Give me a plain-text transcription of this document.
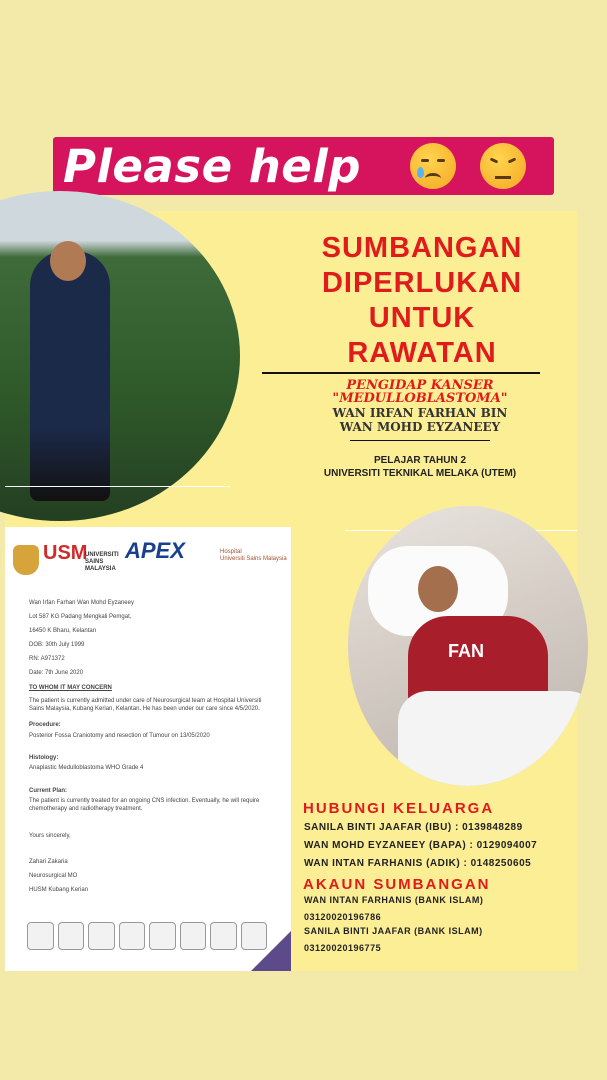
Please help
SUMBANGAN
DIPERLUKAN
UNTUK
RAWATAN
PENGIDAP KANSER
"MEDULLOBLASTOMA"
WAN IRFAN FARHAN BIN
WAN MOHD EYZANEEY
PELAJAR TAHUN 2
UNIVERSITI TEKNIKAL MELAKA (UTEM)
FAN
USM
UNIVERSITI
SAINS
MALAYSIA
APEX	Hospital
Universiti Sains Malaysia
Wan Irfan Farhan Wan Mohd Eyzaneey
Lot 587 KG Padang Mengkali Pemgat,
16450 K Bharu, Kelantan
DOB: 30th July 1999
RN: A971372
Date: 7th June 2020
TO WHOM IT MAY CONCERN
The patient is currently admitted under care of Neurosurgical team at Hospital Universiti Sains Malaysia, Kubang Kerian, Kelantan. He has been under our care since 4/5/2020.
Procedure:
Posterior Fossa Craniotomy and resection of Tumour on 13/05/2020
Histology:
Anaplastic Medulloblastoma WHO Grade 4
Current Plan:
The patient is currently treated for an ongoing CNS infection. Eventually, he will require chemotherapy and radiotherapy treatment.
Yours sincerely,
Zahari Zakaria
Neurosurgical MO
HUSM Kubang Kerian
HUBUNGI KELUARGA
SANILA BINTI JAAFAR (IBU) : 0139848289
WAN MOHD EYZANEEY (BAPA) : 0129094007
WAN INTAN FARHANIS (ADIK) : 0148250605
AKAUN SUMBANGAN
WAN INTAN FARHANIS (BANK ISLAM)
03120020196786
SANILA BINTI JAAFAR (BANK ISLAM)
03120020196775
